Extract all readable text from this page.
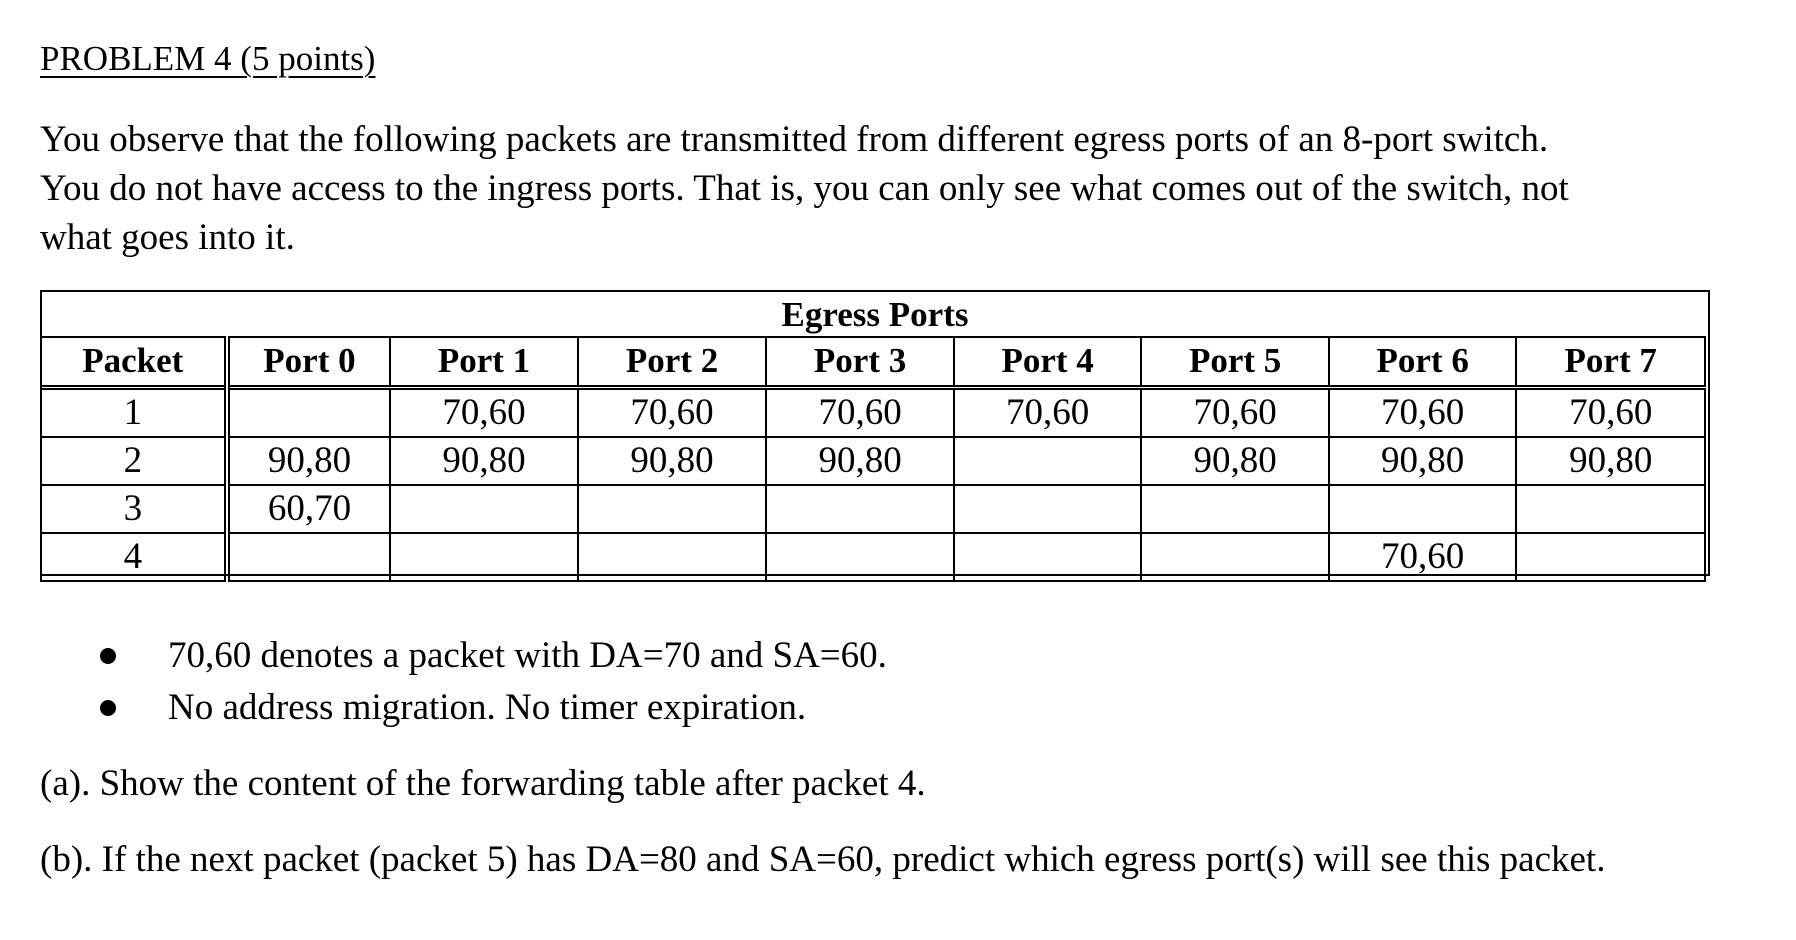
PROBLEM 4 (5 points)

You observe that the following packets are transmitted from different egress ports of an 8-port switch.

You do not have access to the ingress ports. That is, you can only see what comes out of the switch, not

what goes into it.

Egress Ports
Packet	Port 0	Port 1	Port 2	Port 3	Port 4	Port 5	Port 6	Port 7
1		70,60	70,60	70,60	70,60	70,60	70,60	70,60
2	90,80	90,80	90,80	90,80		90,80	90,80	90,80
3	60,70							
4							70,60	
70,60 denotes a packet with DA=70 and SA=60.
No address migration. No timer expiration.
(a). Show the content of the forwarding table after packet 4.
(b). If the next packet (packet 5) has DA=80 and SA=60, predict which egress port(s) will see this packet.
